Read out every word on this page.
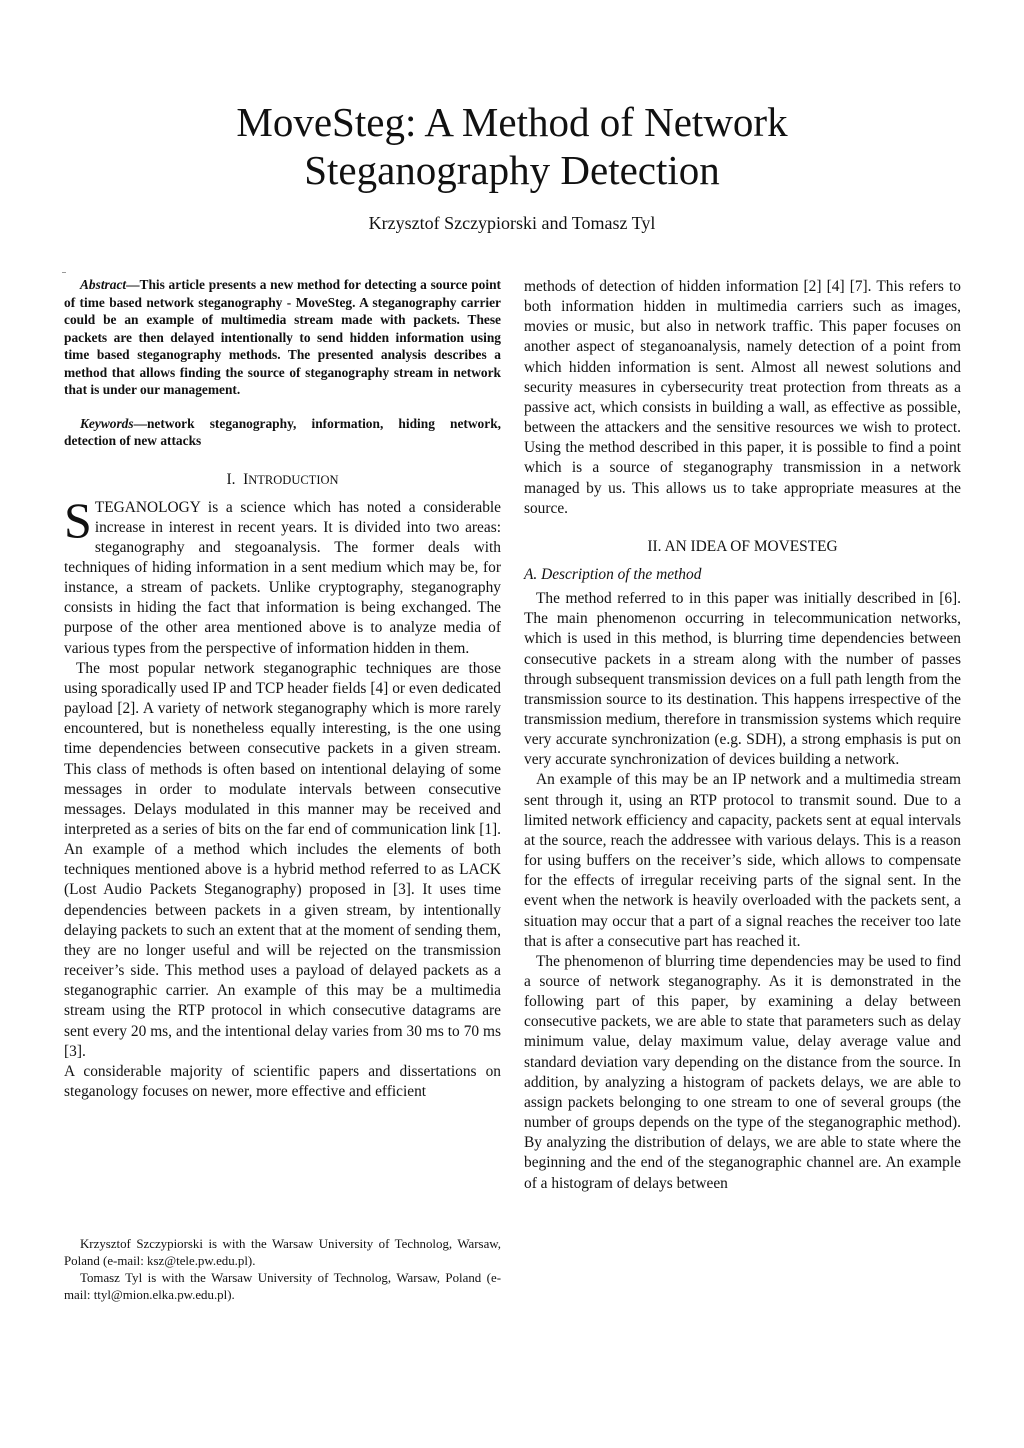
MoveSteg: A Method of Network
Steganography Detection
Krzysztof Szczypiorski and Tomasz Tyl

Abstract—This article presents a new method for detecting a source point of time based network steganography - MoveSteg. A steganography carrier could be an example of multimedia stream made with packets. These packets are then delayed intentionally to send hidden information using time based steganography methods. The presented analysis describes a method that allows finding the source of steganography stream in network that is under our management.

Keywords—network steganography, information, hiding network, detection of new attacks

I. INTRODUCTION

STEGANOLOGY is a science which has noted a considerable increase in interest in recent years. It is divided into two areas: steganography and stegoanalysis. The former deals with techniques of hiding information in a sent medium which may be, for instance, a stream of packets. Unlike cryptography, steganography consists in hiding the fact that information is being exchanged. The purpose of the other area mentioned above is to analyze media of various types from the perspective of information hidden in them.

The most popular network steganographic techniques are those using sporadically used IP and TCP header fields [4] or even dedicated payload [2]. A variety of network steganography which is more rarely encountered, but is nonetheless equally interesting, is the one using time dependencies between consecutive packets in a given stream. This class of methods is often based on intentional delaying of some messages in order to modulate intervals between consecutive messages. Delays modulated in this manner may be received and interpreted as a series of bits on the far end of communication link [1]. An example of a method which includes the elements of both techniques mentioned above is a hybrid method referred to as LACK (Lost Audio Packets Steganography) proposed in [3]. It uses time dependencies between packets in a given stream, by intentionally delaying packets to such an extent that at the moment of sending them, they are no longer useful and will be rejected on the transmission receiver’s side. This method uses a payload of delayed packets as a steganographic carrier. An example of this may be a multimedia stream using the RTP protocol in which consecutive datagrams are sent every 20 ms, and the intentional delay varies from 30 ms to 70 ms [3].

A considerable majority of scientific papers and dissertations on steganology focuses on newer, more effective and efficient

Krzysztof Szczypiorski is with the Warsaw University of Technolog, Warsaw, Poland (e-mail: ksz@tele.pw.edu.pl).

Tomasz Tyl is with the Warsaw University of Technolog, Warsaw, Poland (e-mail: ttyl@mion.elka.pw.edu.pl).

methods of detection of hidden information [2] [4] [7]. This refers to both information hidden in multimedia carriers such as images, movies or music, but also in network traffic. This paper focuses on another aspect of steganoanalysis, namely detection of a point from which hidden information is sent. Almost all newest solutions and security measures in cybersecurity treat protection from threats as a passive act, which consists in building a wall, as effective as possible, between the attackers and the sensitive resources we wish to protect. Using the method described in this paper, it is possible to find a point which is a source of steganography transmission in a network managed by us. This allows us to take appropriate measures at the source.

II. AN IDEA OF MOVESTEG

A. Description of the method

The method referred to in this paper was initially described in [6]. The main phenomenon occurring in telecommunication networks, which is used in this method, is blurring time dependencies between consecutive packets in a stream along with the number of passes through subsequent transmission devices on a full path length from the transmission source to its destination. This happens irrespective of the transmission medium, therefore in transmission systems which require very accurate synchronization (e.g. SDH), a strong emphasis is put on very accurate synchronization of devices building a network.

An example of this may be an IP network and a multimedia stream sent through it, using an RTP protocol to transmit sound. Due to a limited network efficiency and capacity, packets sent at equal intervals at the source, reach the addressee with various delays. This is a reason for using buffers on the receiver’s side, which allows to compensate for the effects of irregular receiving parts of the signal sent. In the event when the network is heavily overloaded with the packets sent, a situation may occur that a part of a signal reaches the receiver too late that is after a consecutive part has reached it.

The phenomenon of blurring time dependencies may be used to find a source of network steganography. As it is demonstrated in the following part of this paper, by examining a delay between consecutive packets, we are able to state that parameters such as delay minimum value, delay maximum value, delay average value and standard deviation vary depending on the distance from the source. In addition, by analyzing a histogram of packets delays, we are able to assign packets belonging to one stream to one of several groups (the number of groups depends on the type of the steganographic method). By analyzing the distribution of delays, we are able to state where the beginning and the end of the steganographic channel are. An example of a histogram of delays between
